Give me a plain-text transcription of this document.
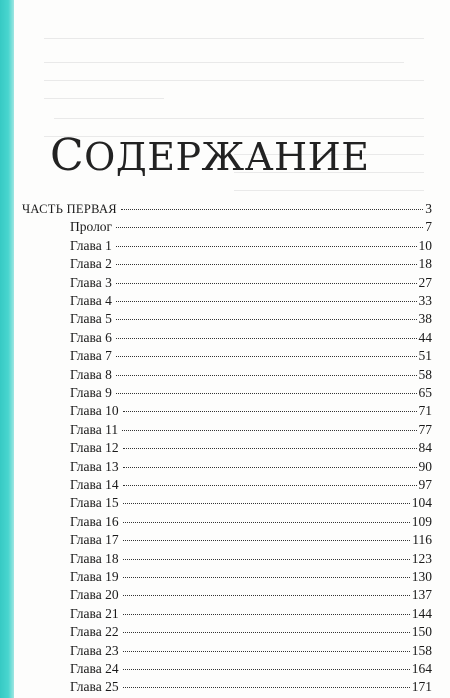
СОДЕРЖАНИЕ
ЧАСТЬ ПЕРВАЯ	3
Пролог	7
Глава 1	10
Глава 2	18
Глава 3	27
Глава 4	33
Глава 5	38
Глава 6	44
Глава 7	51
Глава 8	58
Глава 9	65
Глава 10	71
Глава 11	77
Глава 12	84
Глава 13	90
Глава 14	97
Глава 15	104
Глава 16	109
Глава 17	116
Глава 18	123
Глава 19	130
Глава 20	137
Глава 21	144
Глава 22	150
Глава 23	158
Глава 24	164
Глава 25	171
